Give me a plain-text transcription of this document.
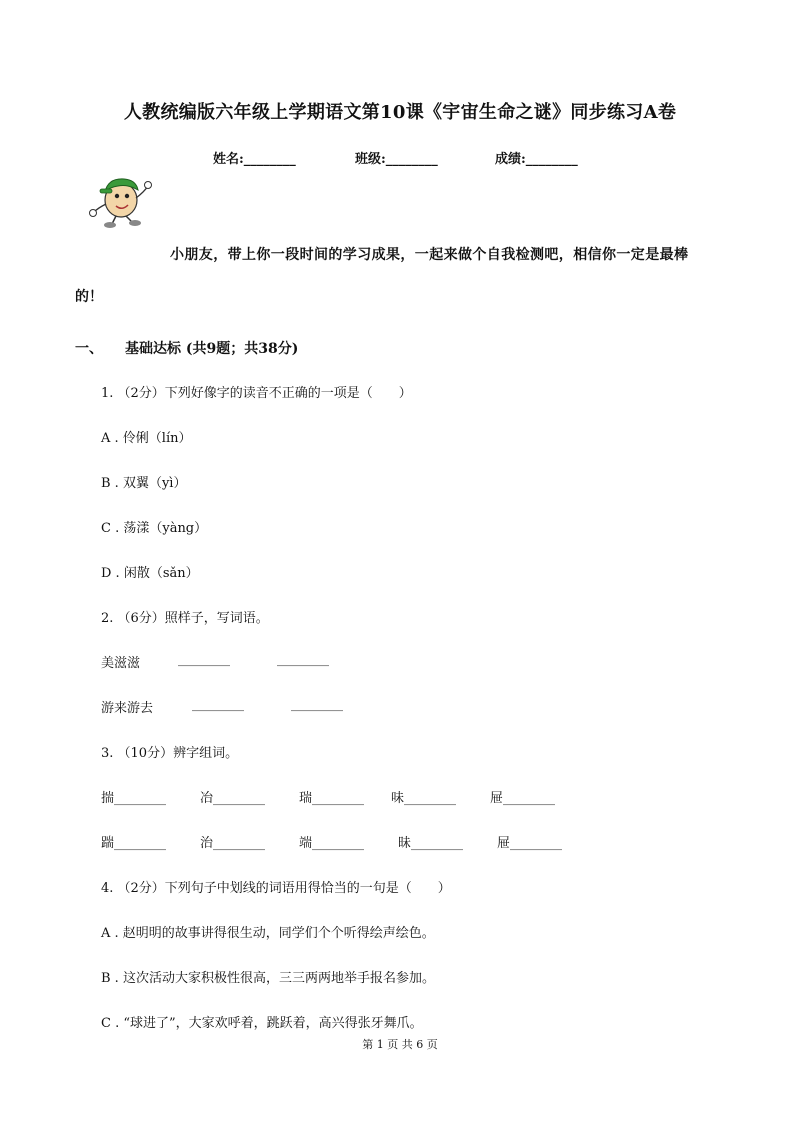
人教统编版六年级上学期语文第10课《宇宙生命之谜》同步练习A卷
姓名:________	班级:________	成绩:________
小朋友，带上你一段时间的学习成果，一起来做个自我检测吧，相信你一定是最棒
的！
一、 基础达标 (共9题；共38分)
1. （2分）下列好像字的读音不正确的一项是（　　）
A . 伶俐（lín）
B . 双翼（yì）
C . 荡漾（yàng）
D . 闲散（sǎn）
2. （6分）照样子，写词语。
美滋滋	________	________
游来游去	________	________
3. （10分）辨字组词。
揣________	冶________	瑞________ 味________	屉________
踹________	治________	端________	昧________	屉________
4. （2分）下列句子中划线的词语用得恰当的一句是（　　）
A . 赵明明的故事讲得很生动，同学们个个听得绘声绘色。
B . 这次活动大家积极性很高，三三两两地举手报名参加。
C . “球进了”，大家欢呼着，跳跃着，高兴得张牙舞爪。
第 1 页 共 6 页
